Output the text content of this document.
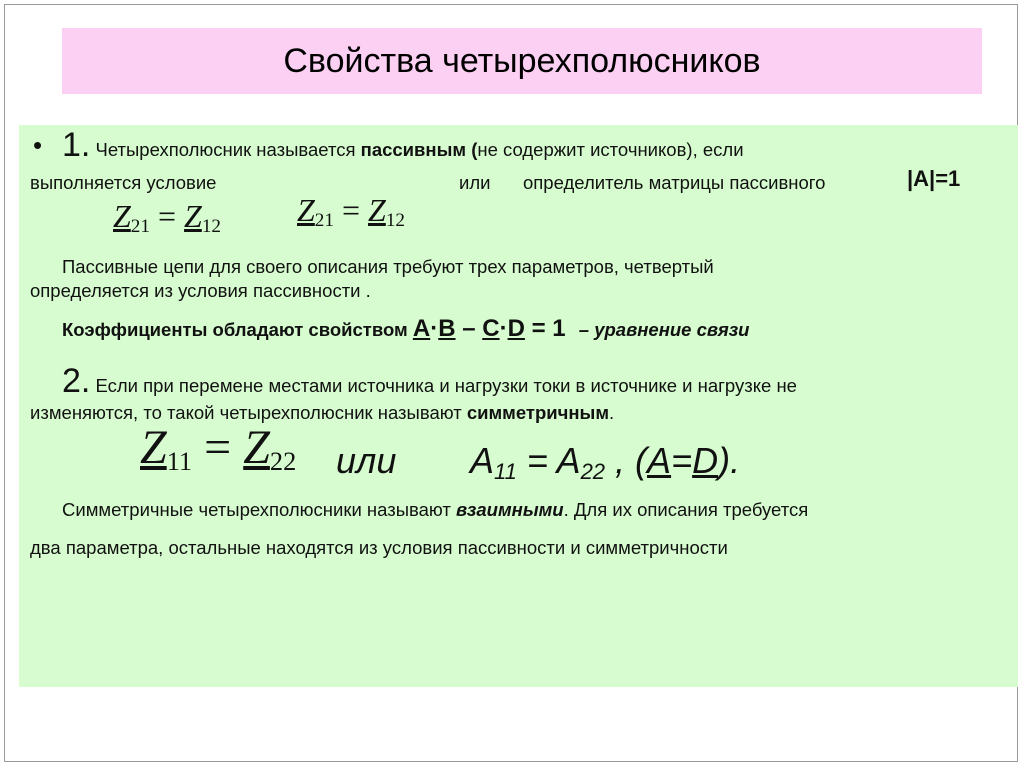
Свойства четырехполюсников
• 1. Четырехполюсник называется пассивным (не содержит источников), если
выполняется условие	или определитель матрицы пассивного	|A|=1
Z21 = Z12 Z21 = Z12
Пассивные цепи для своего описания требуют трех параметров, четвертый
определяется из условия пассивности .
Коэффициенты обладают свойством A·B – C·D = 1 – уравнение связи
2. Если при перемене местами источника и нагрузки токи в источнике и нагрузке не
изменяются, то такой четырехполюсник называют симметричным.
Z11 = Z22 или $A_{11} = A_{22}$ , (A=D).
Симметричные четырехполюсники называют взаимными. Для их описания требуется
два параметра, остальные находятся из условия пассивности и симметричности
